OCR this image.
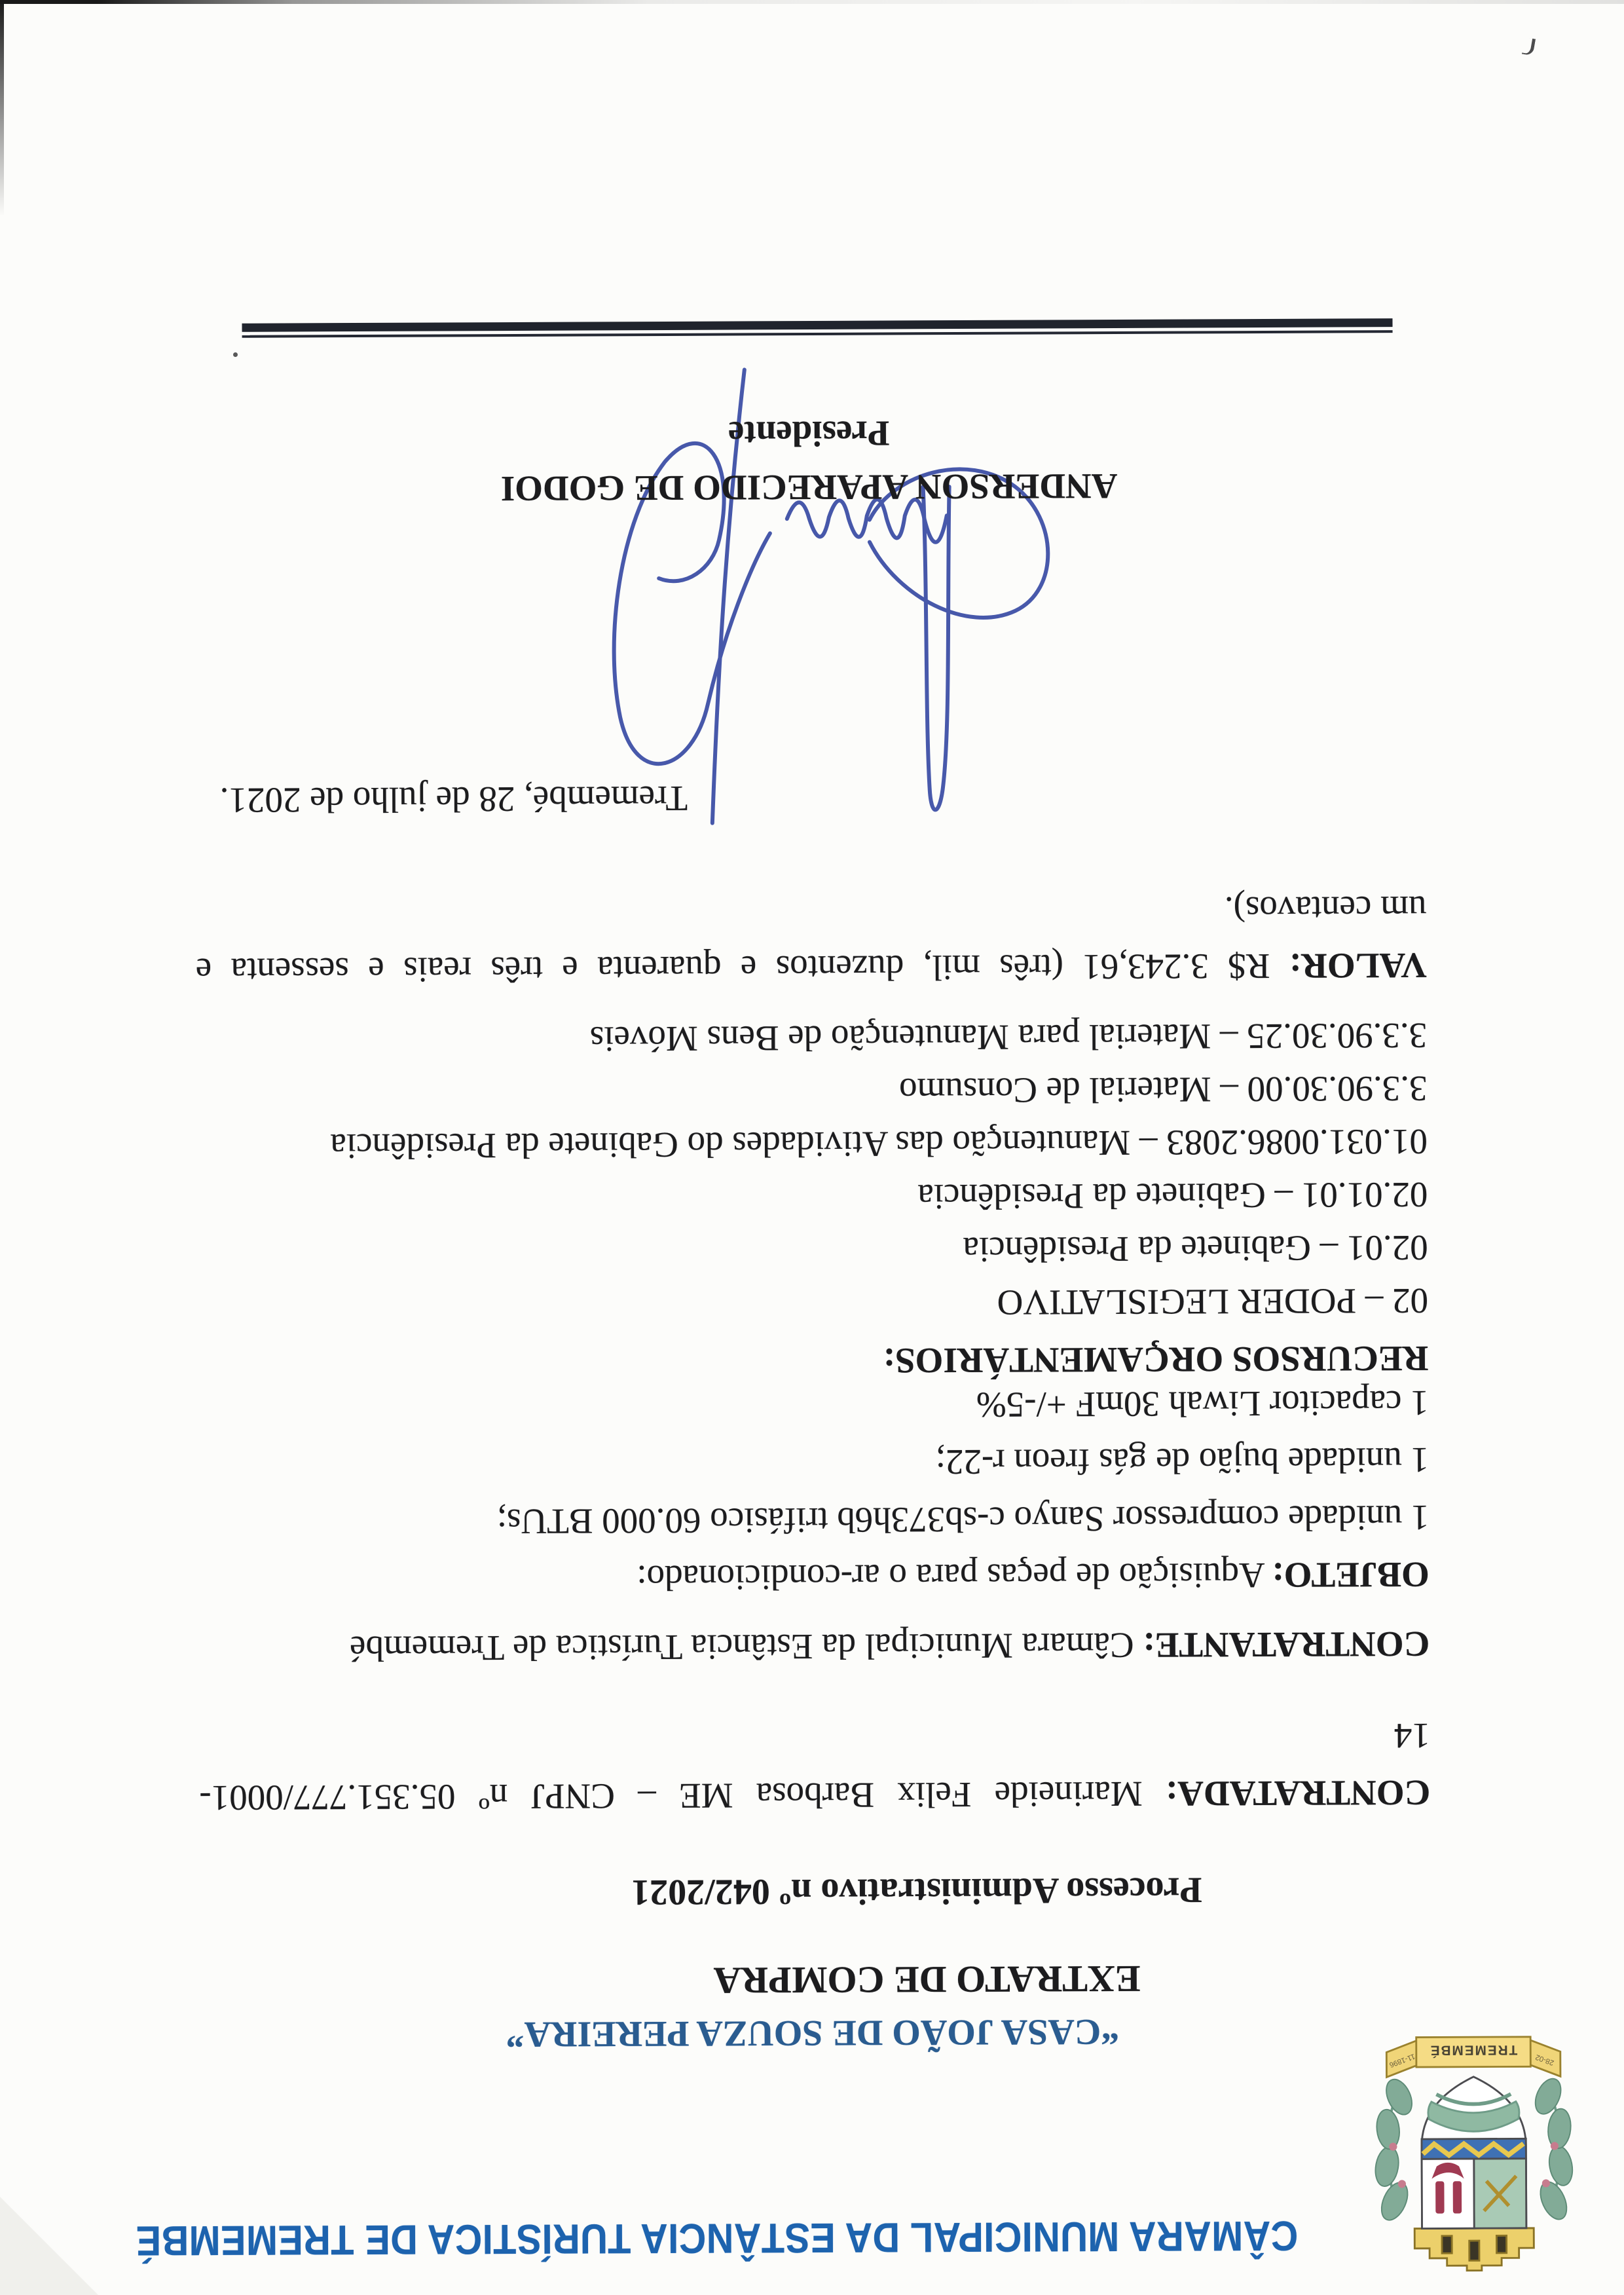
TREMEMBÉ
28-02
11-1896
CÂMARA MUNICIPAL DA ESTÂNCIA TURÍSTICA DE TREMEMBÉ
“CASA JOÃO DE SOUZA PEREIRA”
EXTRATO DE COMPRA
Processo Administrativo nº 042/2021
CONTRATADA: Marineide Felix Barbosa ME – CNPJ nº 05.351.777/0001-
14
CONTRATANTE: Câmara Municipal da Estância Turística de Tremembé
OBJETO: Aquisição de peças para o ar-condicionado:
1 unidade compressor Sanyo c-sb373h6b trifásico 60.000 BTUs;
1 unidade bujão de gás freon r-22;
1 capacitor Liwah 30mF +/-5%
RECURSOS ORÇAMENTÁRIOS:
02 – PODER LEGISLATIVO
02.01 – Gabinete da Presidência
02.01.01 – Gabinete da Presidência
01.031.0086.2083 – Manutenção das Atividades do Gabinete da Presidência
3.3.90.30.00 – Material de Consumo
3.3.90.30.25 – Material para Manutenção de Bens Móveis
VALOR: R$ 3.243,61 (três mil, duzentos e quarenta e três reais e sessenta e
um centavos).
Tremembé, 28 de julho de 2021.
ANDERSON APARECIDO DE GODOI
Presidente
